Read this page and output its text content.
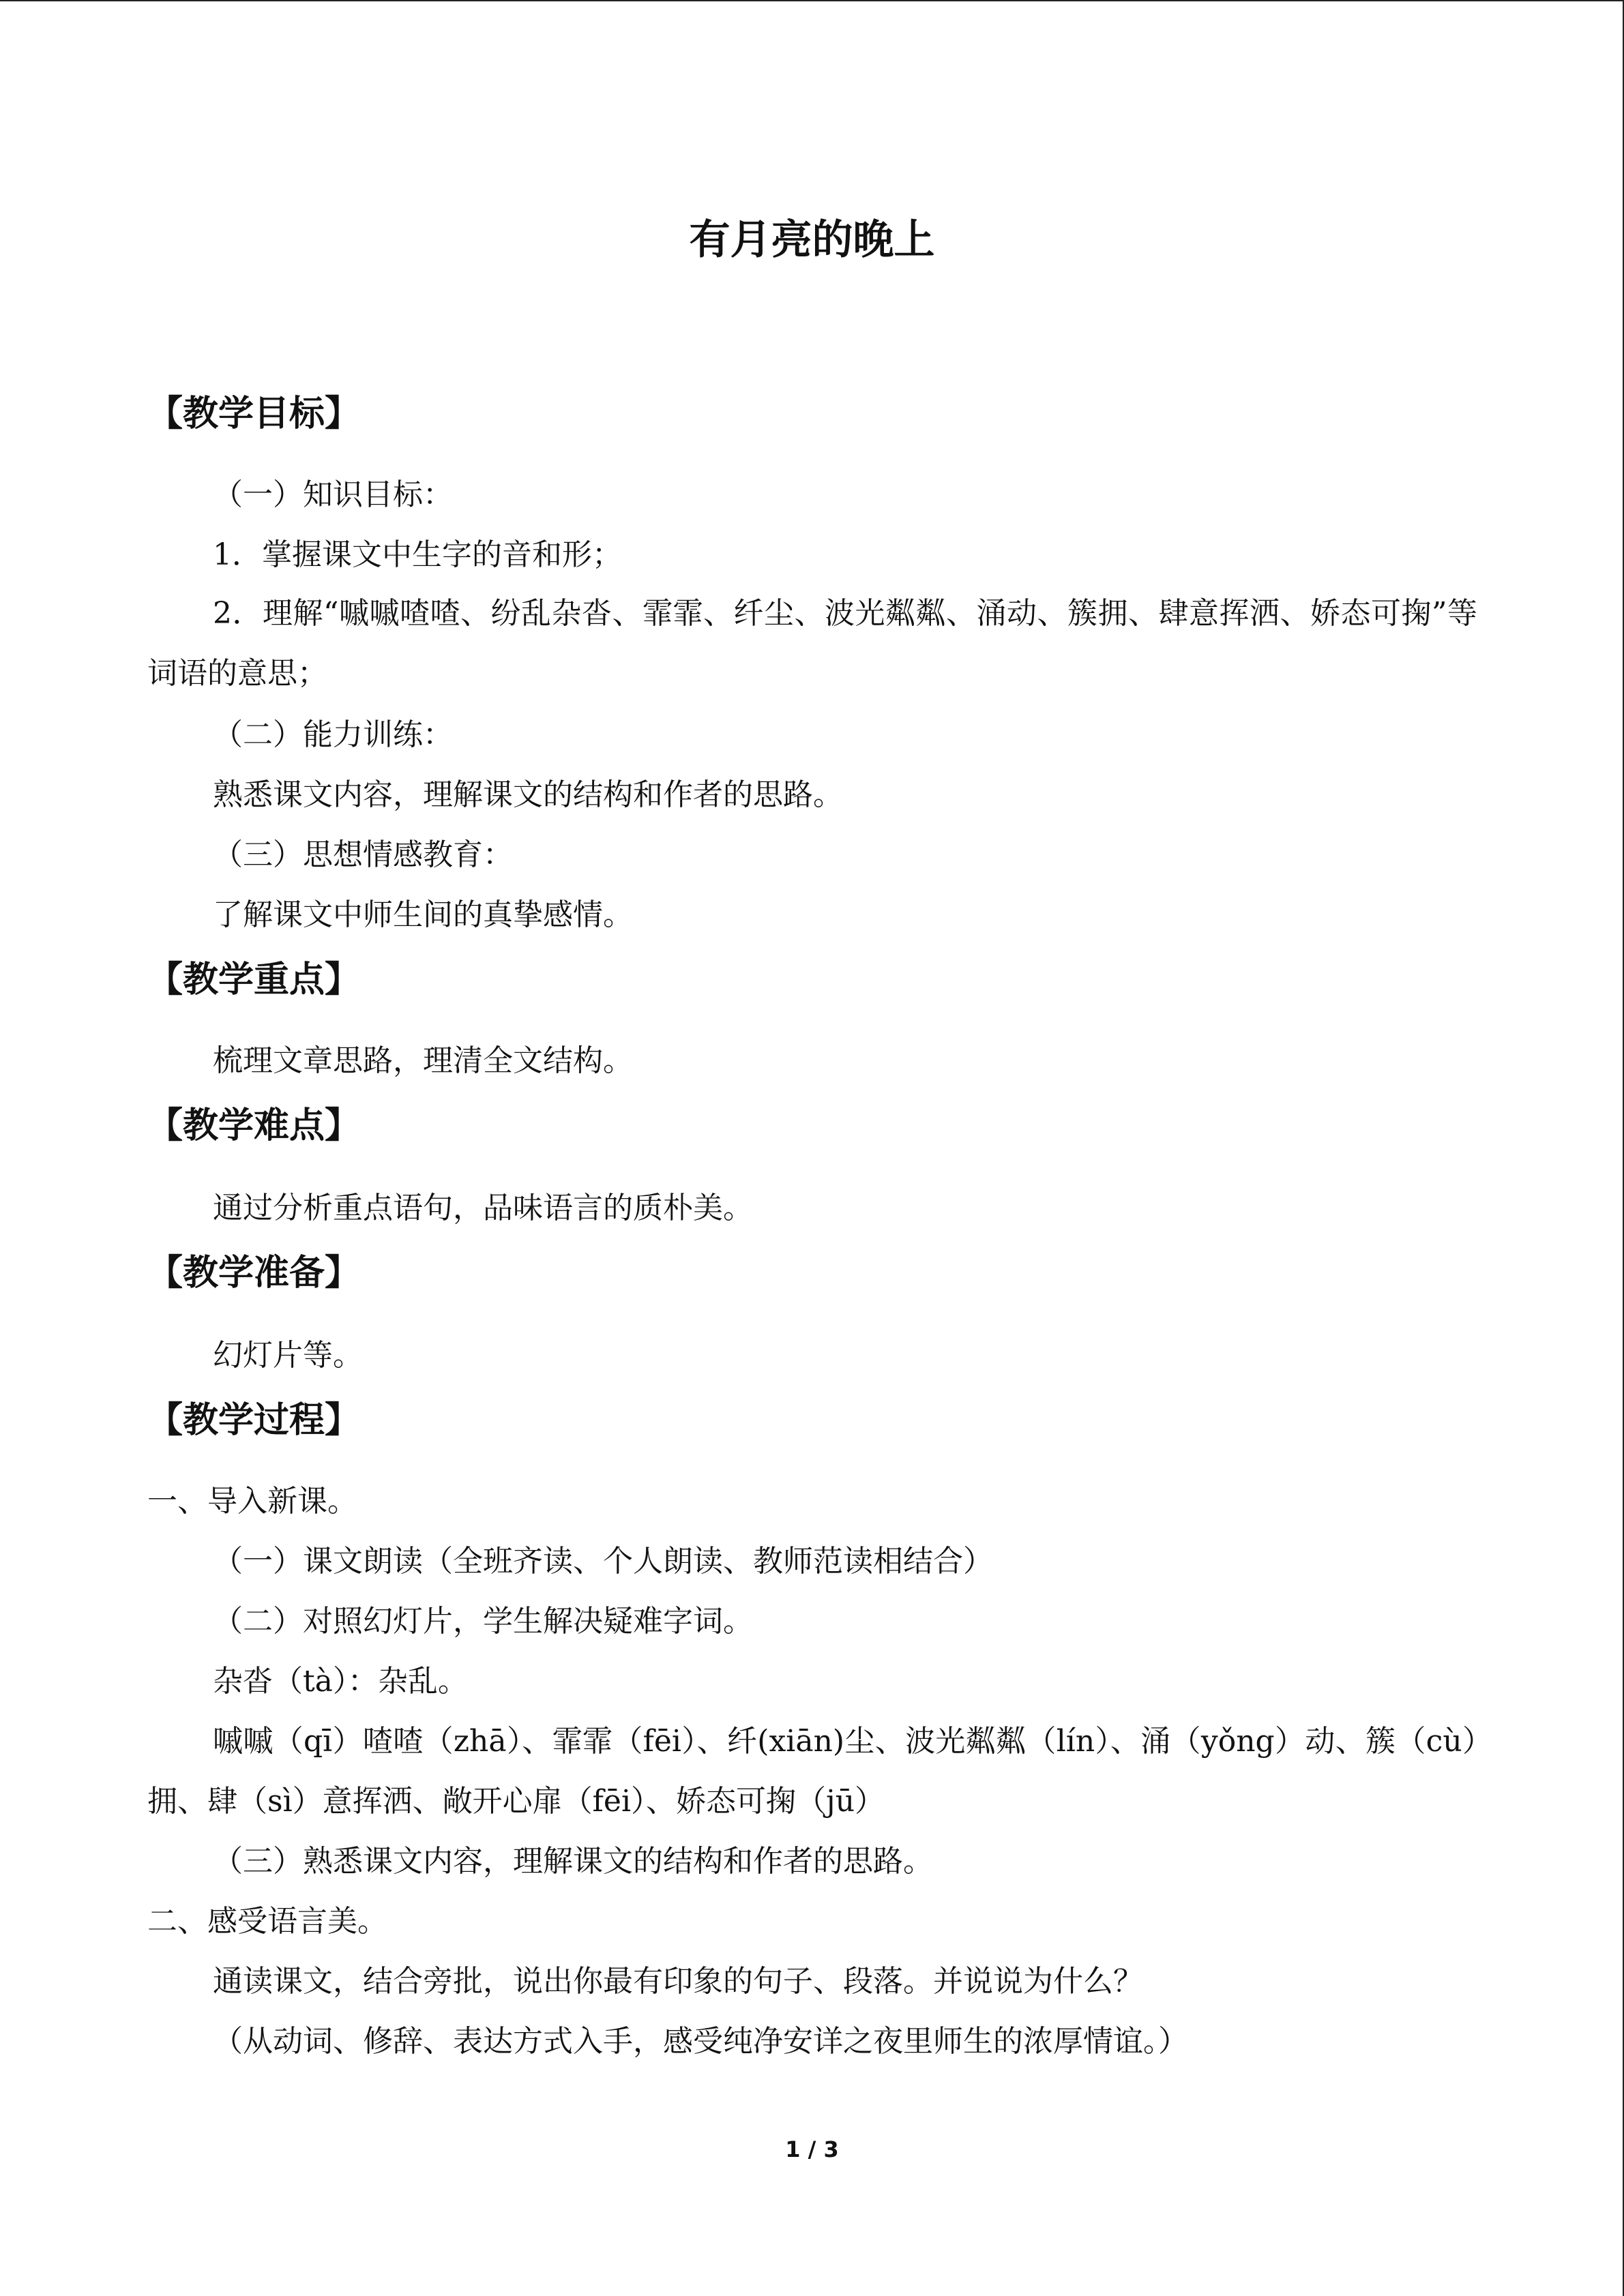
有月亮的晚上
【教学目标】
（一）知识目标：
1．掌握课文中生字的音和形；
2．理解“嘁嘁喳喳、纷乱杂沓、霏霏、纤尘、波光粼粼、涌动、簇拥、肆意挥洒、娇态可掬”等词语的意思；
（二）能力训练：
熟悉课文内容，理解课文的结构和作者的思路。
（三）思想情感教育：
了解课文中师生间的真挚感情。
【教学重点】
梳理文章思路，理清全文结构。
【教学难点】
通过分析重点语句，品味语言的质朴美。
【教学准备】
幻灯片等。
【教学过程】
一、导入新课。
（一）课文朗读（全班齐读、个人朗读、教师范读相结合）
（二）对照幻灯片，学生解决疑难字词。
杂沓（tà）：杂乱。
嘁嘁（qī）喳喳（zhā）、霏霏（fēi）、纤(xiān)尘、波光粼粼（lín）、涌（yǒng）动、簇（cù）拥、肆（sì）意挥洒、敞开心扉（fēi）、娇态可掬（jū）
（三）熟悉课文内容，理解课文的结构和作者的思路。
二、感受语言美。
通读课文，结合旁批，说出你最有印象的句子、段落。并说说为什么？
（从动词、修辞、表达方式入手，感受纯净安详之夜里师生的浓厚情谊。）
1 / 3
